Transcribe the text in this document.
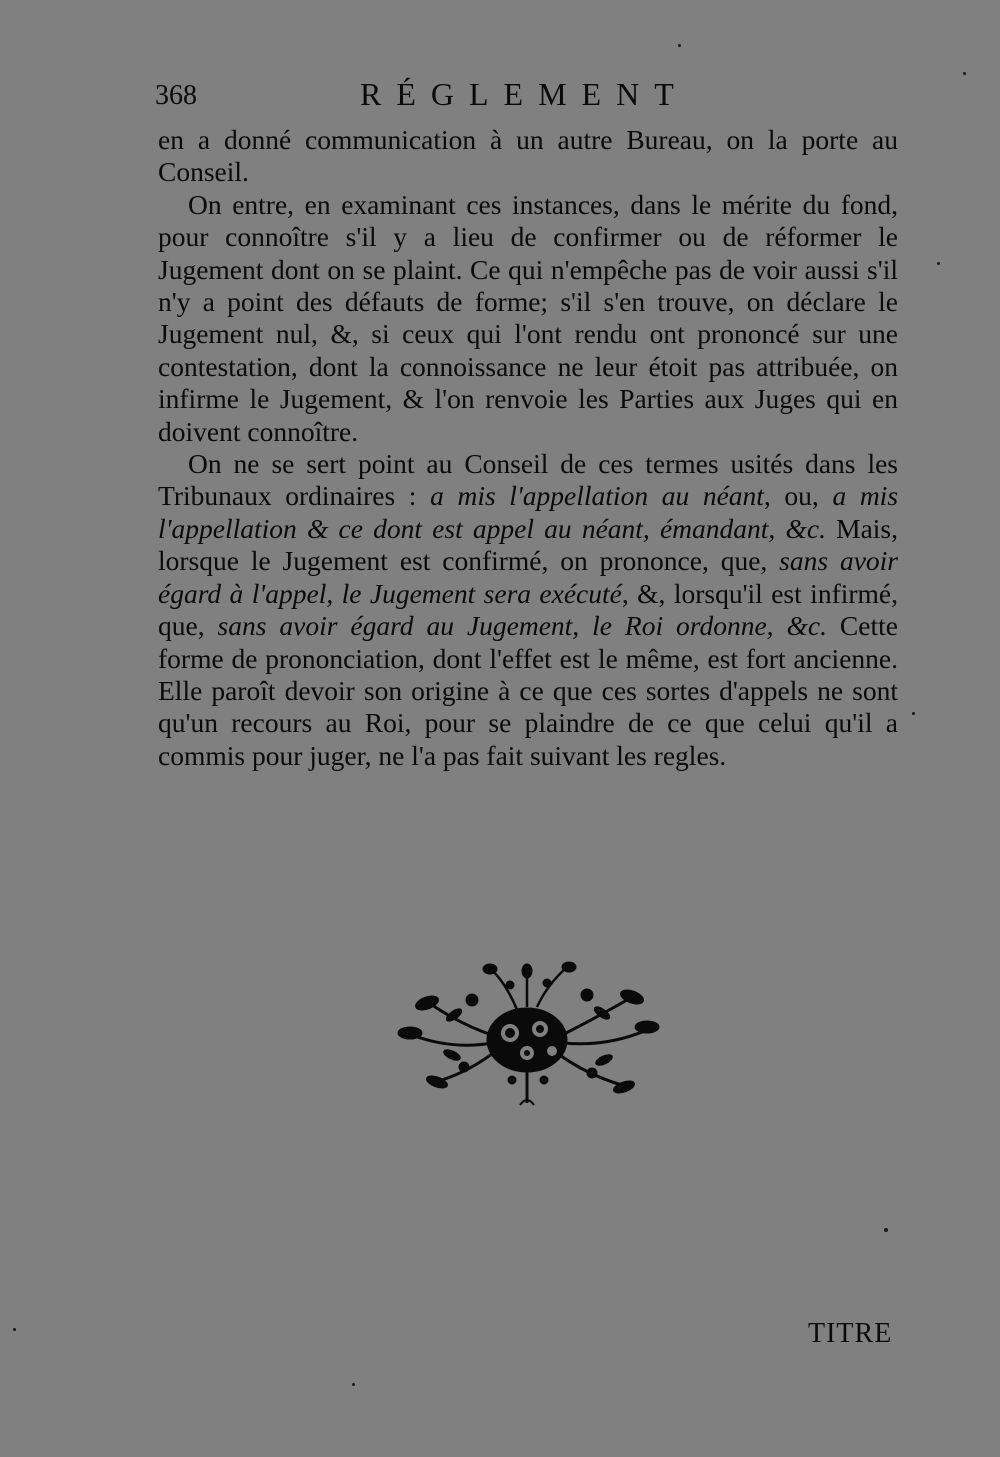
368	RÉGLEMENT

en a donné communication à un autre Bureau, on la porte au Conseil.

On entre, en examinant ces instances, dans le mérite du fond, pour connoître s'il y a lieu de confirmer ou de réformer le Jugement dont on se plaint. Ce qui n'empêche pas de voir aussi s'il n'y a point des défauts de forme; s'il s'en trouve, on déclare le Jugement nul, &, si ceux qui l'ont rendu ont prononcé sur une contestation, dont la connoissance ne leur étoit pas attribuée, on infirme le Jugement, & l'on renvoie les Parties aux Juges qui en doivent connoître.

On ne se sert point au Conseil de ces termes usités dans les Tribunaux ordinaires : a mis l'appellation au néant, ou, a mis l'appellation & ce dont est appel au néant, émandant, &c. Mais, lorsque le Jugement est confirmé, on prononce, que, sans avoir égard à l'appel, le Jugement sera exécuté, &, lorsqu'il est infirmé, que, sans avoir égard au Jugement, le Roi ordonne, &c. Cette forme de prononciation, dont l'effet est le même, est fort ancienne. Elle paroît devoir son origine à ce que ces sortes d'appels ne sont qu'un recours au Roi, pour se plaindre de ce que celui qu'il a commis pour juger, ne l'a pas fait suivant les regles.

TITRE
